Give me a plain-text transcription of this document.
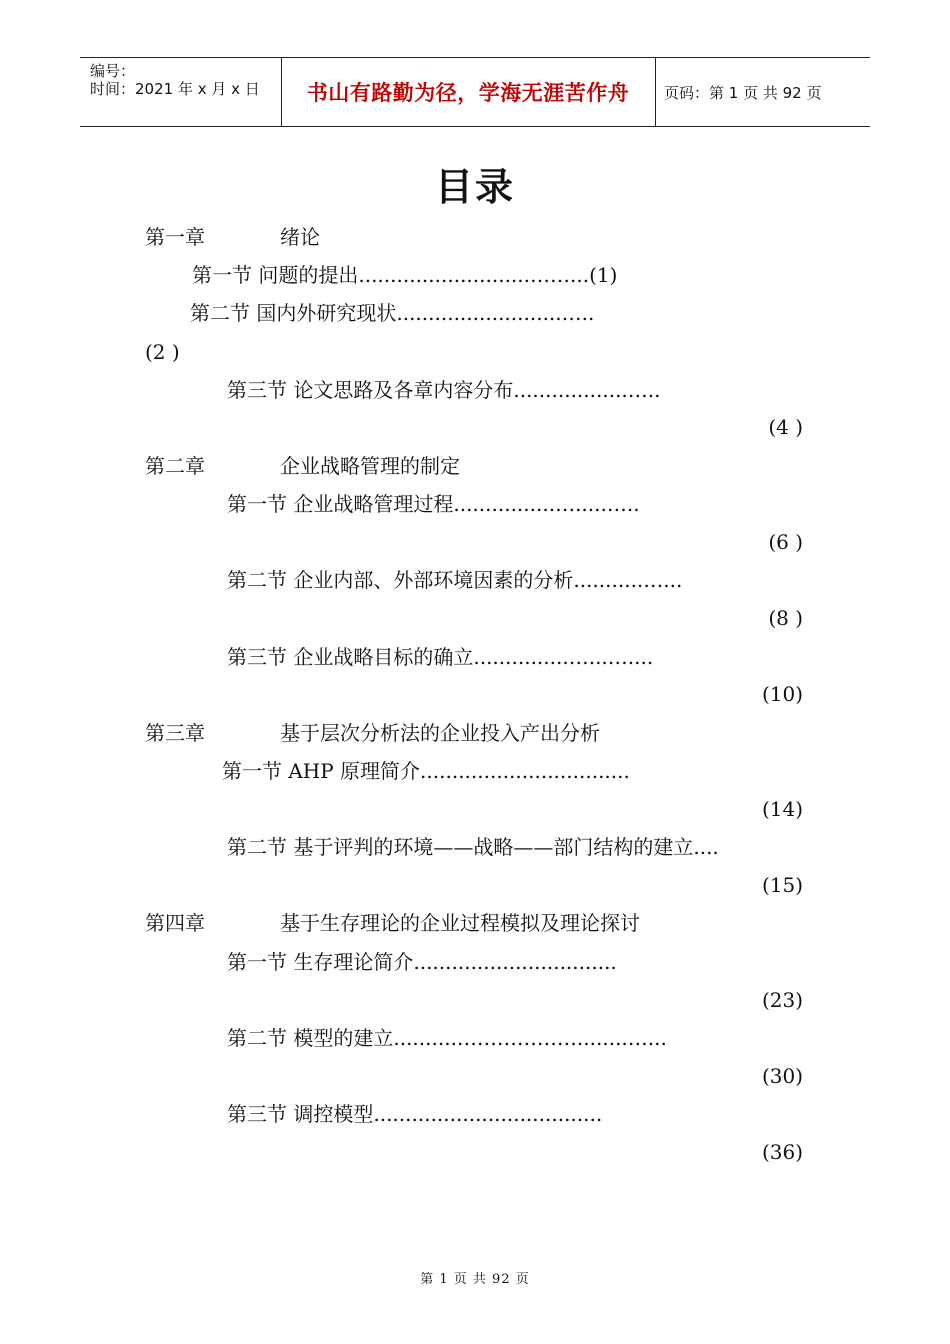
编号：
时间：2021 年 x 月 x 日	书山有路勤为径，学海无涯苦作舟	页码：第 1 页 共 92 页
目录
第一章	绪论
第一节 问题的提出...........................……...(1)
第二节 国内外研究现状..........................…..
(2 )
第三节 论文思路及各章内容分布..................…..
(4 )
第二章	企业战略管理的制定
第一节 企业战略管理过程................….....…..
(6 )
第二节 企业内部、外部环境因素的分析...........…...
(8 )
第三节 企业战略目标的确立...............…...…....
(10)
第三章	基于层次分析法的企业投入产出分析
第一节 AHP 原理简介.................................
(14)
第二节 基于评判的环境——战略——部门结构的建立....
(15)
第四章	基于生存理论的企业过程模拟及理论探讨
第一节 生存理论简介................................
(23)
第二节 模型的建立..........………………........…...
(30)
第三节 调控模型....................................
(36)
第 1 页 共 92 页
